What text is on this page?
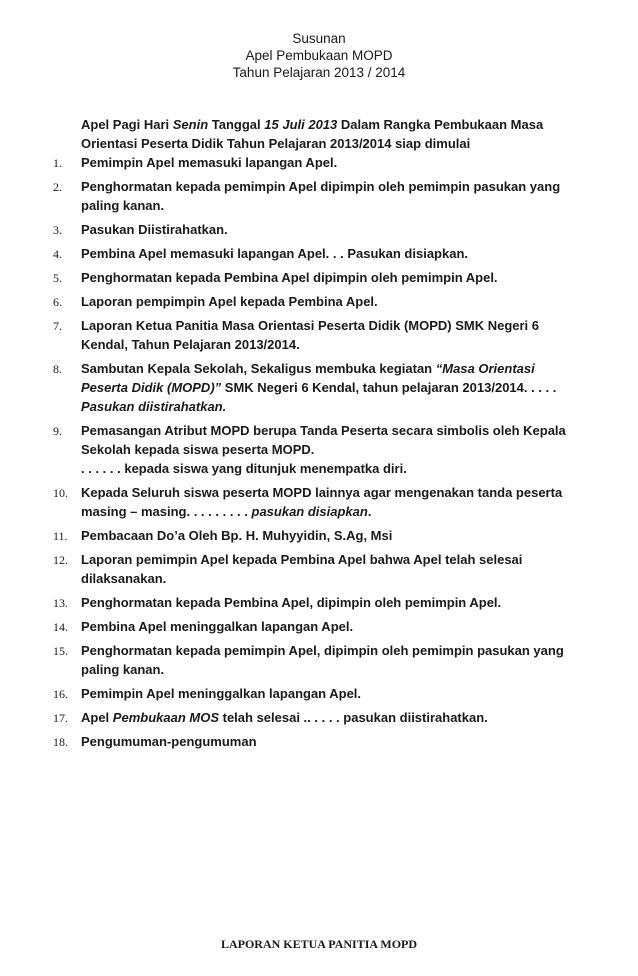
Susunan
Apel Pembukaan MOPD
Tahun Pelajaran 2013 / 2014
Apel Pagi Hari Senin Tanggal 15 Juli 2013 Dalam Rangka Pembukaan Masa Orientasi Peserta Didik Tahun Pelajaran 2013/2014 siap dimulai
1. Pemimpin Apel memasuki lapangan Apel.
2. Penghormatan kepada pemimpin Apel dipimpin oleh pemimpin pasukan yang paling kanan.
3. Pasukan Diistirahatkan.
4. Pembina Apel memasuki lapangan Apel. . . Pasukan disiapkan.
5. Penghormatan kepada Pembina Apel dipimpin oleh pemimpin Apel.
6. Laporan pempimpin Apel kepada Pembina Apel.
7. Laporan Ketua Panitia Masa Orientasi Peserta Didik (MOPD) SMK Negeri 6 Kendal, Tahun Pelajaran 2013/2014.
8. Sambutan Kepala Sekolah, Sekaligus membuka kegiatan “Masa Orientasi Peserta Didik (MOPD)” SMK Negeri 6 Kendal, tahun pelajaran 2013/2014. . . . . Pasukan diistirahatkan.
9. Pemasangan Atribut MOPD berupa Tanda Peserta secara simbolis oleh Kepala Sekolah kepada siswa peserta MOPD.
. . . . . . kepada siswa yang ditunjuk menempatka diri.
10. Kepada Seluruh siswa peserta MOPD lainnya agar mengenakan tanda peserta masing – masing. . . . . . . . . pasukan disiapkan.
11. Pembacaan Do’a Oleh Bp. H. Muhyyidin, S.Ag, Msi
12. Laporan pemimpin Apel kepada Pembina Apel bahwa Apel telah selesai dilaksanakan.
13. Penghormatan kepada Pembina Apel, dipimpin oleh pemimpin Apel.
14. Pembina Apel meninggalkan lapangan Apel.
15. Penghormatan kepada pemimpin Apel, dipimpin oleh pemimpin pasukan yang paling kanan.
16. Pemimpin Apel meninggalkan lapangan Apel.
17. Apel Pembukaan MOS telah selesai .. . . . . pasukan diistirahatkan.
18. Pengumuman-pengumuman
LAPORAN KETUA PANITIA MOPD
